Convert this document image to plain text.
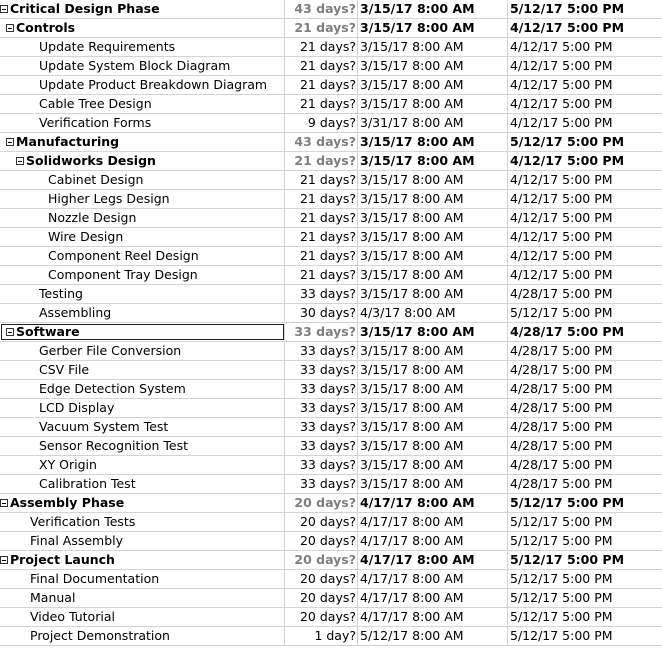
Critical Design Phase	43 days? 3/15/17 8:00 AM	5/12/17 5:00 PM
Controls	21 days? 3/15/17 8:00 AM	4/12/17 5:00 PM
Update Requirements	21 days? 3/15/17 8:00 AM	4/12/17 5:00 PM
Update System Block Diagram	21 days? 3/15/17 8:00 AM	4/12/17 5:00 PM
Update Product Breakdown Diagram	21 days? 3/15/17 8:00 AM	4/12/17 5:00 PM
Cable Tree Design	21 days? 3/15/17 8:00 AM	4/12/17 5:00 PM
Verification Forms	9 days? 3/31/17 8:00 AM	4/12/17 5:00 PM
Manufacturing	43 days? 3/15/17 8:00 AM	5/12/17 5:00 PM
Solidworks Design	21 days? 3/15/17 8:00 AM	4/12/17 5:00 PM
Cabinet Design	21 days? 3/15/17 8:00 AM	4/12/17 5:00 PM
Higher Legs Design	21 days? 3/15/17 8:00 AM	4/12/17 5:00 PM
Nozzle Design	21 days? 3/15/17 8:00 AM	4/12/17 5:00 PM
Wire Design	21 days? 3/15/17 8:00 AM	4/12/17 5:00 PM
Component Reel Design	21 days? 3/15/17 8:00 AM	4/12/17 5:00 PM
Component Tray Design	21 days? 3/15/17 8:00 AM	4/12/17 5:00 PM
Testing	33 days? 3/15/17 8:00 AM	4/28/17 5:00 PM
Assembling	30 days? 4/3/17 8:00 AM	5/12/17 5:00 PM
Software	33 days? 3/15/17 8:00 AM	4/28/17 5:00 PM
Gerber File Conversion	33 days? 3/15/17 8:00 AM	4/28/17 5:00 PM
CSV File	33 days? 3/15/17 8:00 AM	4/28/17 5:00 PM
Edge Detection System	33 days? 3/15/17 8:00 AM	4/28/17 5:00 PM
LCD Display	33 days? 3/15/17 8:00 AM	4/28/17 5:00 PM
Vacuum System Test	33 days? 3/15/17 8:00 AM	4/28/17 5:00 PM
Sensor Recognition Test	33 days? 3/15/17 8:00 AM	4/28/17 5:00 PM
XY Origin	33 days? 3/15/17 8:00 AM	4/28/17 5:00 PM
Calibration Test	33 days? 3/15/17 8:00 AM	4/28/17 5:00 PM
Assembly Phase	20 days? 4/17/17 8:00 AM	5/12/17 5:00 PM
Verification Tests	20 days? 4/17/17 8:00 AM	5/12/17 5:00 PM
Final Assembly	20 days? 4/17/17 8:00 AM	5/12/17 5:00 PM
Project Launch	20 days? 4/17/17 8:00 AM	5/12/17 5:00 PM
Final Documentation	20 days? 4/17/17 8:00 AM	5/12/17 5:00 PM
Manual	20 days? 4/17/17 8:00 AM	5/12/17 5:00 PM
Video Tutorial	20 days? 4/17/17 8:00 AM	5/12/17 5:00 PM
Project Demonstration	1 day? 5/12/17 8:00 AM	5/12/17 5:00 PM
